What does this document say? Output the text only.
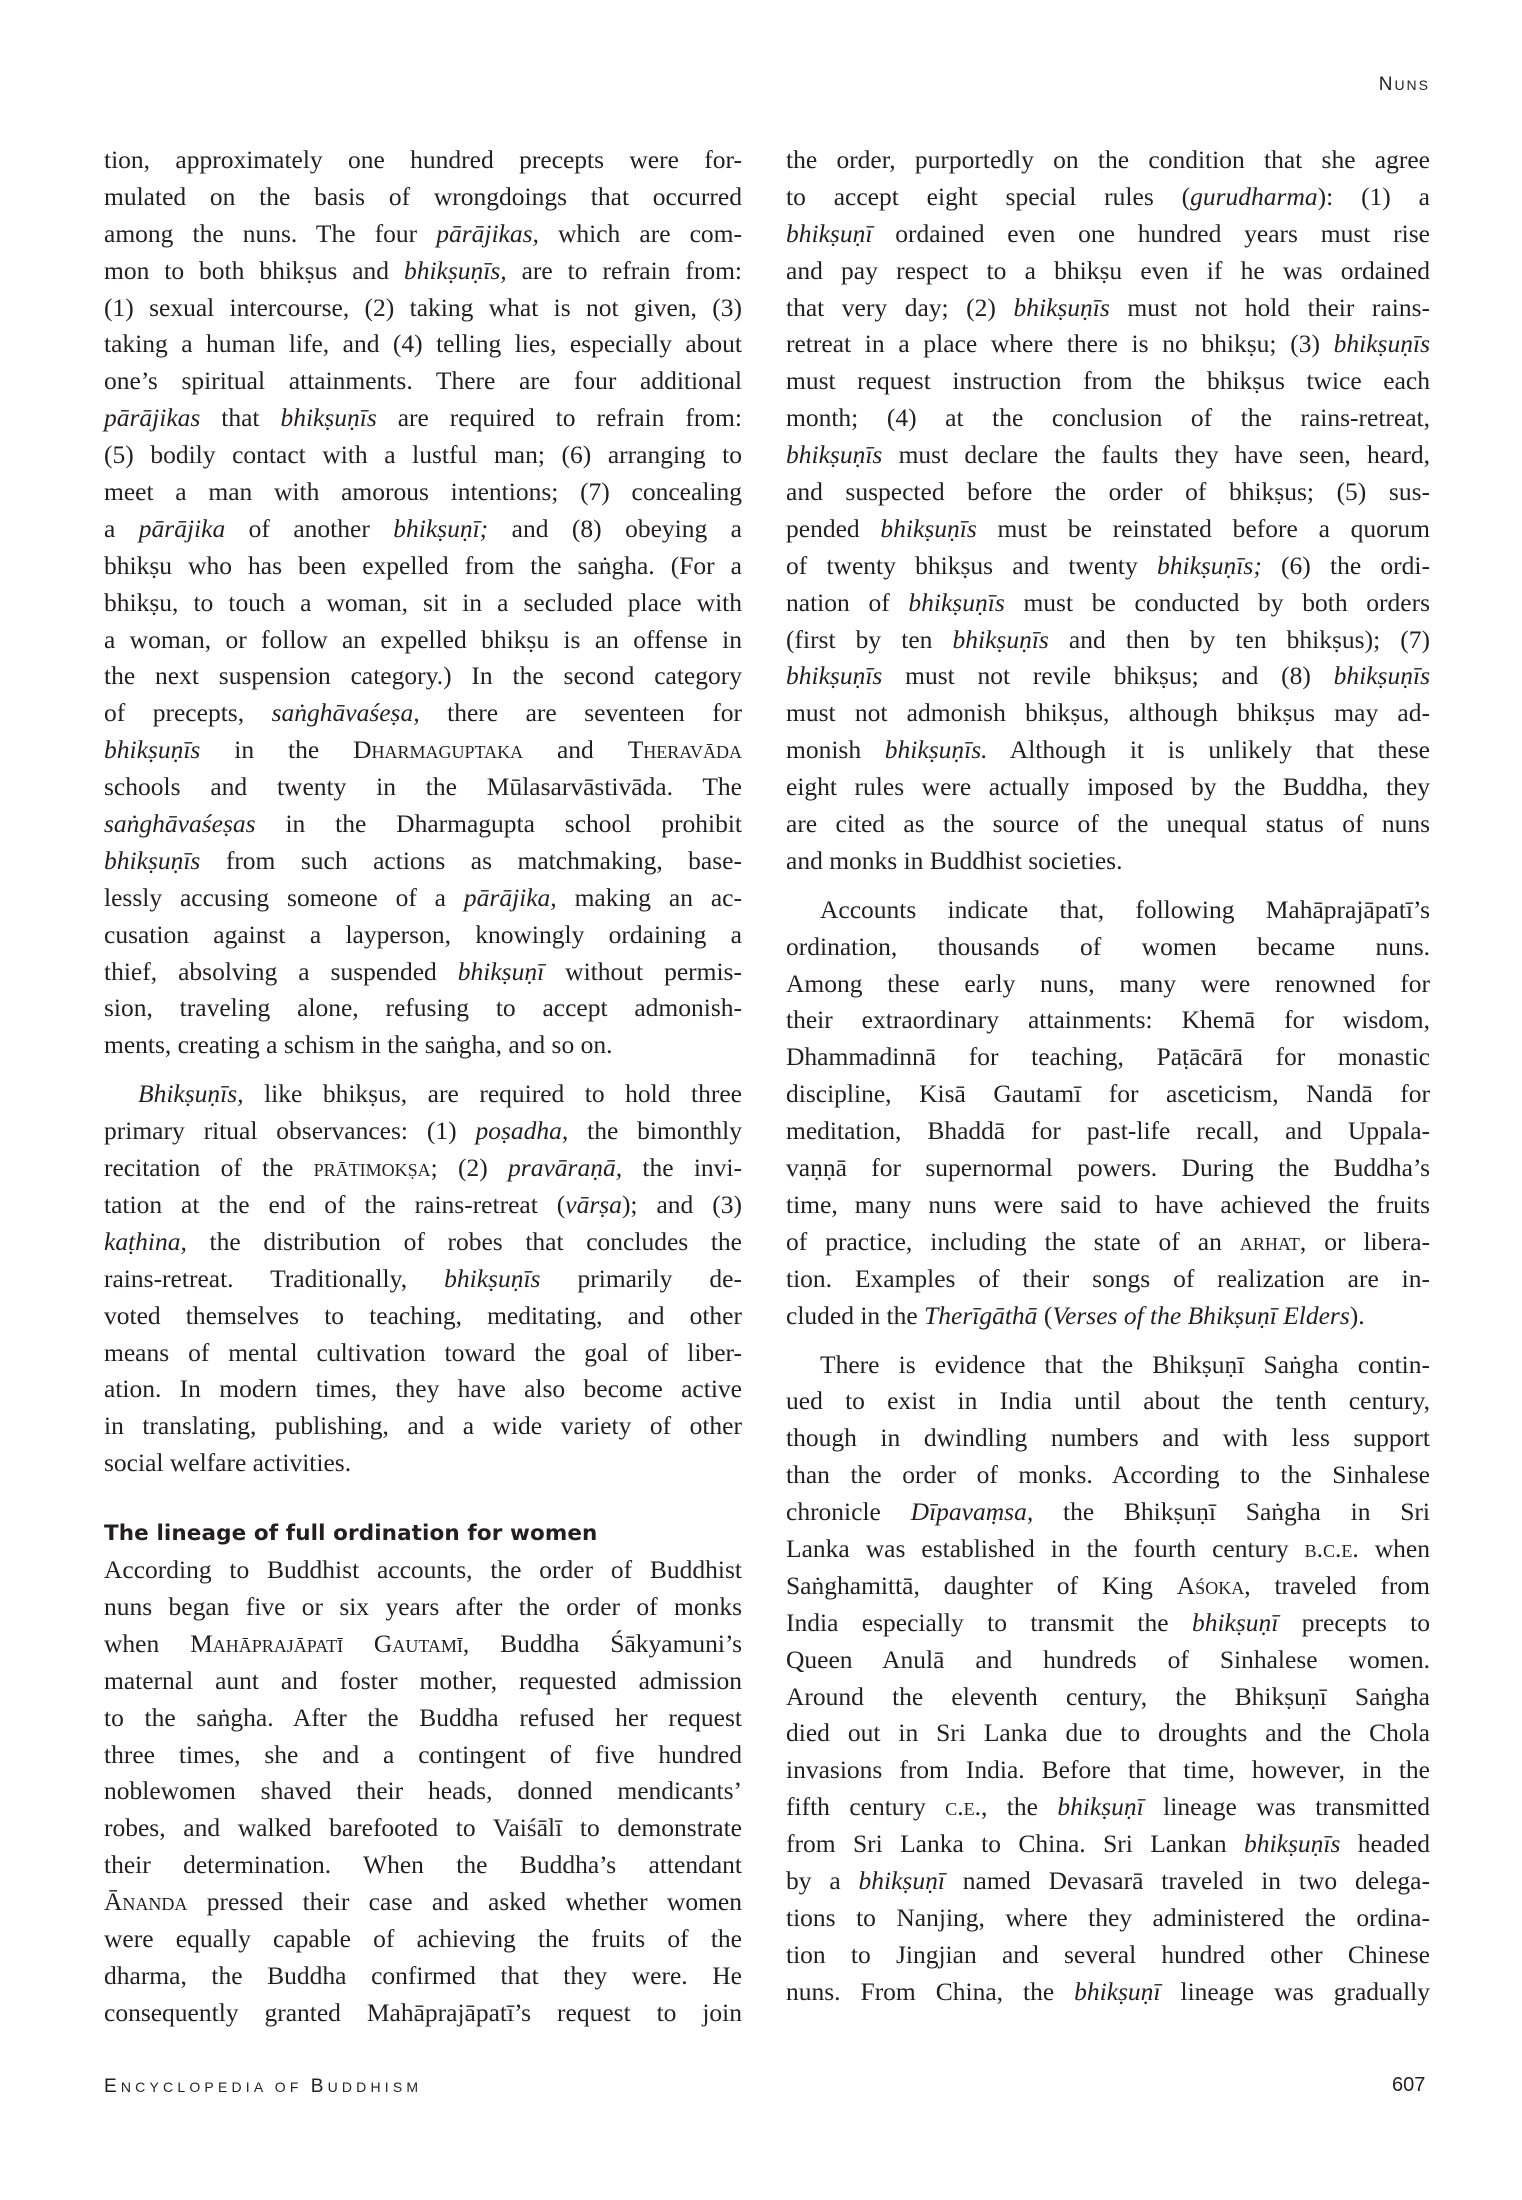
NUNS
tion, approximately one hundred precepts were for-
mulated on the basis of wrongdoings that occurred
among the nuns. The four pārājikas, which are com-
mon to both bhikṣus and bhikṣuṇīs, are to refrain from:
(1) sexual intercourse, (2) taking what is not given, (3)
taking a human life, and (4) telling lies, especially about
one’s spiritual attainments. There are four additional
pārājikas that bhikṣuṇīs are required to refrain from:
(5) bodily contact with a lustful man; (6) arranging to
meet a man with amorous intentions; (7) concealing
a pārājika of another bhikṣuṇī; and (8) obeying a
bhikṣu who has been expelled from the saṅgha. (For a
bhikṣu, to touch a woman, sit in a secluded place with
a woman, or follow an expelled bhikṣu is an offense in
the next suspension category.) In the second category
of precepts, saṅghāvaśeṣa, there are seventeen for
bhikṣuṇīs in the Dharmaguptaka and Theravāda
schools and twenty in the Mūlasarvāstivāda. The
saṅghāvaśeṣas in the Dharmagupta school prohibit
bhikṣuṇīs from such actions as matchmaking, base-
lessly accusing someone of a pārājika, making an ac-
cusation against a layperson, knowingly ordaining a
thief, absolving a suspended bhikṣuṇī without permis-
sion, traveling alone, refusing to accept admonish-
ments, creating a schism in the saṅgha, and so on.
Bhikṣuṇīs, like bhikṣus, are required to hold three
primary ritual observances: (1) poṣadha, the bimonthly
recitation of the prātimokṣa; (2) pravāraṇā, the invi-
tation at the end of the rains-retreat (vārṣa); and (3)
kaṭhina, the distribution of robes that concludes the
rains-retreat. Traditionally, bhikṣuṇīs primarily de-
voted themselves to teaching, meditating, and other
means of mental cultivation toward the goal of liber-
ation. In modern times, they have also become active
in translating, publishing, and a wide variety of other
social welfare activities.
The lineage of full ordination for women
According to Buddhist accounts, the order of Buddhist
nuns began five or six years after the order of monks
when Mahāprajāpatī Gautamī, Buddha Śākyamuni’s
maternal aunt and foster mother, requested admission
to the saṅgha. After the Buddha refused her request
three times, she and a contingent of five hundred
noblewomen shaved their heads, donned mendicants’
robes, and walked barefooted to Vaiśālī to demonstrate
their determination. When the Buddha’s attendant
Ānanda pressed their case and asked whether women
were equally capable of achieving the fruits of the
dharma, the Buddha confirmed that they were. He
consequently granted Mahāprajāpatī’s request to join
the order, purportedly on the condition that she agree
to accept eight special rules (gurudharma): (1) a
bhikṣuṇī ordained even one hundred years must rise
and pay respect to a bhikṣu even if he was ordained
that very day; (2) bhikṣuṇīs must not hold their rains-
retreat in a place where there is no bhikṣu; (3) bhikṣuṇīs
must request instruction from the bhikṣus twice each
month; (4) at the conclusion of the rains-retreat,
bhikṣuṇīs must declare the faults they have seen, heard,
and suspected before the order of bhikṣus; (5) sus-
pended bhikṣuṇīs must be reinstated before a quorum
of twenty bhikṣus and twenty bhikṣuṇīs; (6) the ordi-
nation of bhikṣuṇīs must be conducted by both orders
(first by ten bhikṣuṇīs and then by ten bhikṣus); (7)
bhikṣuṇīs must not revile bhikṣus; and (8) bhikṣuṇīs
must not admonish bhikṣus, although bhikṣus may ad-
monish bhikṣuṇīs. Although it is unlikely that these
eight rules were actually imposed by the Buddha, they
are cited as the source of the unequal status of nuns
and monks in Buddhist societies.
Accounts indicate that, following Mahāprajāpatī’s
ordination, thousands of women became nuns.
Among these early nuns, many were renowned for
their extraordinary attainments: Khemā for wisdom,
Dhammadinnā for teaching, Paṭācārā for monastic
discipline, Kisā Gautamī for asceticism, Nandā for
meditation, Bhaddā for past-life recall, and Uppala-
vaṇṇā for supernormal powers. During the Buddha’s
time, many nuns were said to have achieved the fruits
of practice, including the state of an arhat, or libera-
tion. Examples of their songs of realization are in-
cluded in the Therīgāthā (Verses of the Bhikṣuṇī Elders).
There is evidence that the Bhikṣuṇī Saṅgha contin-
ued to exist in India until about the tenth century,
though in dwindling numbers and with less support
than the order of monks. According to the Sinhalese
chronicle Dīpavaṃsa, the Bhikṣuṇī Saṅgha in Sri
Lanka was established in the fourth century b.c.e. when
Saṅghamittā, daughter of King Aśoka, traveled from
India especially to transmit the bhikṣuṇī precepts to
Queen Anulā and hundreds of Sinhalese women.
Around the eleventh century, the Bhikṣuṇī Saṅgha
died out in Sri Lanka due to droughts and the Chola
invasions from India. Before that time, however, in the
fifth century c.e., the bhikṣuṇī lineage was transmitted
from Sri Lanka to China. Sri Lankan bhikṣuṇīs headed
by a bhikṣuṇī named Devasarā traveled in two delega-
tions to Nanjing, where they administered the ordina-
tion to Jingjian and several hundred other Chinese
nuns. From China, the bhikṣuṇī lineage was gradually
ENCYCLOPEDIA OF BUDDHISM	607
